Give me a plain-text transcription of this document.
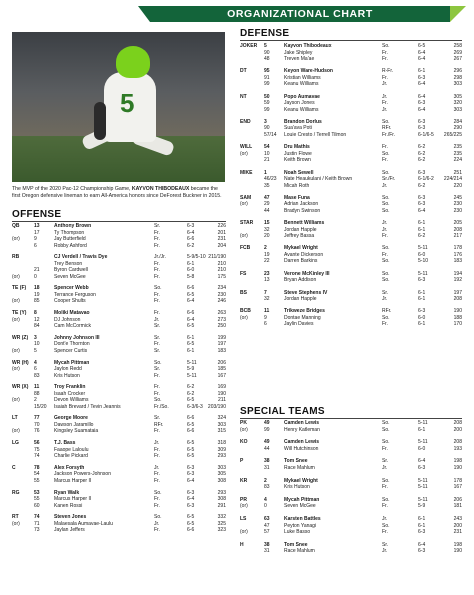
ORGANIZATIONAL CHART
5
The MVP of the 2020 Pac-12 Championship Game, KAYVON THIBODEAUX became the first Oregon defensive lineman to earn All-America honors since DeForest Buckner in 2015.
OFFENSE
QB	13	Anthony Brown	Sr.	6-3	226
17	Ty Thompson	Fr.	6-4	201
(or)	9	Jay Butterfield	Fr.	6-6	231
6	Robby Ashford	Fr.	6-2	204
RB	CJ Verdell / Travis Dye	Jr./Jr.	5-9/5-10 211/190
Trey Benson	Fr.	6-1	210
21	Byron Cardwell	Fr.	6-0	210
(or)	0	Seven McGee	Fr.	5-8	175
TE (F) 18	Spencer Webb	So.	6-6	234
19	Terrance Ferguson	Fr.	6-5	230
(or)	85	Cooper Shults	Fr.	6-4	246
TE (Y) 8	Moliki Matavao	Fr.	6-6	263
(or)	12	DJ Johnson	Jr.	6-4	273
84	Cam McCormick	Sr.	6-5	250
WR (Z) 3	Johnny Johnson III	Sr.	6-1	199
10	Dont'e Thornton	Fr.	6-5	197
(or)	5	Spencer Curtis	Sr.	6-1	183
WR (H) 4	Mycah Pittman	So.	5-11	206
(or)	6	Jaylon Redd	Sr.	5-9	185
83	Kris Hutson	Fr.	5-11	167
WR (X) 11	Troy Franklin	Fr.	6-2	169
88	Isaah Crocker	Fr.	6-2	190
(or)	2	Devon Williams	So.	6-5	211
15/20 Isaiah Brevard / Tevin Jeannis	Fr./So.	6-3/6-3 203/190
LT	77	George Moore	Sr.	6-6	324
70	Dawson Jaramillo	RFr.	6-5	303
(or)	76	Kingsley Suamataia	Fr.	6-6	315
LG	56	T.J. Bass	Jr.	6-5	318
75	Faaope Laloulu	Fr.	6-5	309
74	Charlie Pickard	Fr.	6-5	293
C	78	Alex Forsyth	Jr.	6-3	303
54	Jackson Powers-Johnson	Fr.	6-3	305
55	Marcus Harper II	Fr.	6-4	308
RG	53	Ryan Walk	So.	6-3	293
55	Marcus Harper II	Fr.	6-4	308
60	Kanen Rossi	Fr.	6-3	291
RT	74	Steven Jones	So.	6-5	332
(or)	71	Malaesala Aumavae-Laulu	Jr.	6-5	325
73	Jaylan Jeffers	Fr.	6-6	323
DEFENSE
JOKER 5	Kayvon Thibodeaux	So.	6-5	258
90	Jake Shipley	Fr.	6-4	269
48	Treven Ma'ae	Fr.	6-4	267
DT	95	Keyon Ware-Hudson	R-Fr.	6-1	296
91	Kristian Williams	Fr.	6-3	298
99	Keanu Williams	Jr.	6-4	303
NT	50	Popo Aumavae	Jr.	6-4	305
59	Jayson Jones	Fr.	6-3	320
99	Keanu Williams	Jr.	6-4	303
END	3	Brandon Dorlus	So.	6-3	284
90	Sua'ava Poti	RFr.	6-3	290
57/14 Louie Cresto / Terrell Tilmon	Fr./Fr.	6-1/6-5 265/225
WILL 54	Dru Mathis	Fr.	6-2	235
(or)	10	Justin Flowe	So.	6-2	235
21	Keith Brown	Fr.	6-2	224
MIKE 1	Noah Sewell	So.	6-3	251
46/23 Nate Heaukulani / Keith Brown	Sr./Fr.	6-1/6-2 224/214
35	Micah Roth	Jr.	6-2	220
SAM	47	Mase Funa	So.	6-3	245
(or)	29	Adrian Jackson	So.	6-3	230
44	Bradyn Swinson	So.	6-4	230
STAR 15	Bennett Williams	Jr.	6-1	205
32	Jordan Happle	Jr.	6-1	208
(or)	20	Jeffrey Bassa	Fr.	6-2	217
FCB	2	Mykael Wright	So.	5-11	178
19	Avante Dickerson	Fr.	6-0	176
22	Darren Barkins	So.	5-10	183
FS	23	Verone McKinley III	So.	5-11	194
13	Bryan Addison	So.	6-3	192
BS	7	Steve Stephens IV	Sr.	6-1	197
32	Jordan Happle	Jr.	6-1	208
BCB	11	Trikweze Bridges	RFr.	6-3	190
(or)	9	Dontae Manning	So.	6-0	188
6	Jaylin Davies	Fr.	6-1	170
SPECIAL TEAMS
PK	49	Camden Lewis	So.	5-11	208
(or)	99	Henry Katleman	So.	6-1	200
KO	49	Camden Lewis	So.	5-11	208
44	Will Hutchinson	Fr.	6-0	193
P	38	Tom Snee	Sr.	6-4	198
31	Race Mahlum	Jr.	6-3	190
KR	2	Mykael Wright	So.	5-11	178
83	Kris Hutson	Fr.	5-11	167
PR	4	Mycah Pittman	So.	5-11	206
(or)	0	Seven McGee	Fr.	5-9	181
LS	63	Karsten Battles	Jr.	6-1	243
47	Peyton Yanagi	So.	6-1	200
(or)	57	Luke Basso	Fr.	6-3	231
H	38	Tom Snee	Sr.	6-4	198
31	Race Mahlum	Jr.	6-3	190
